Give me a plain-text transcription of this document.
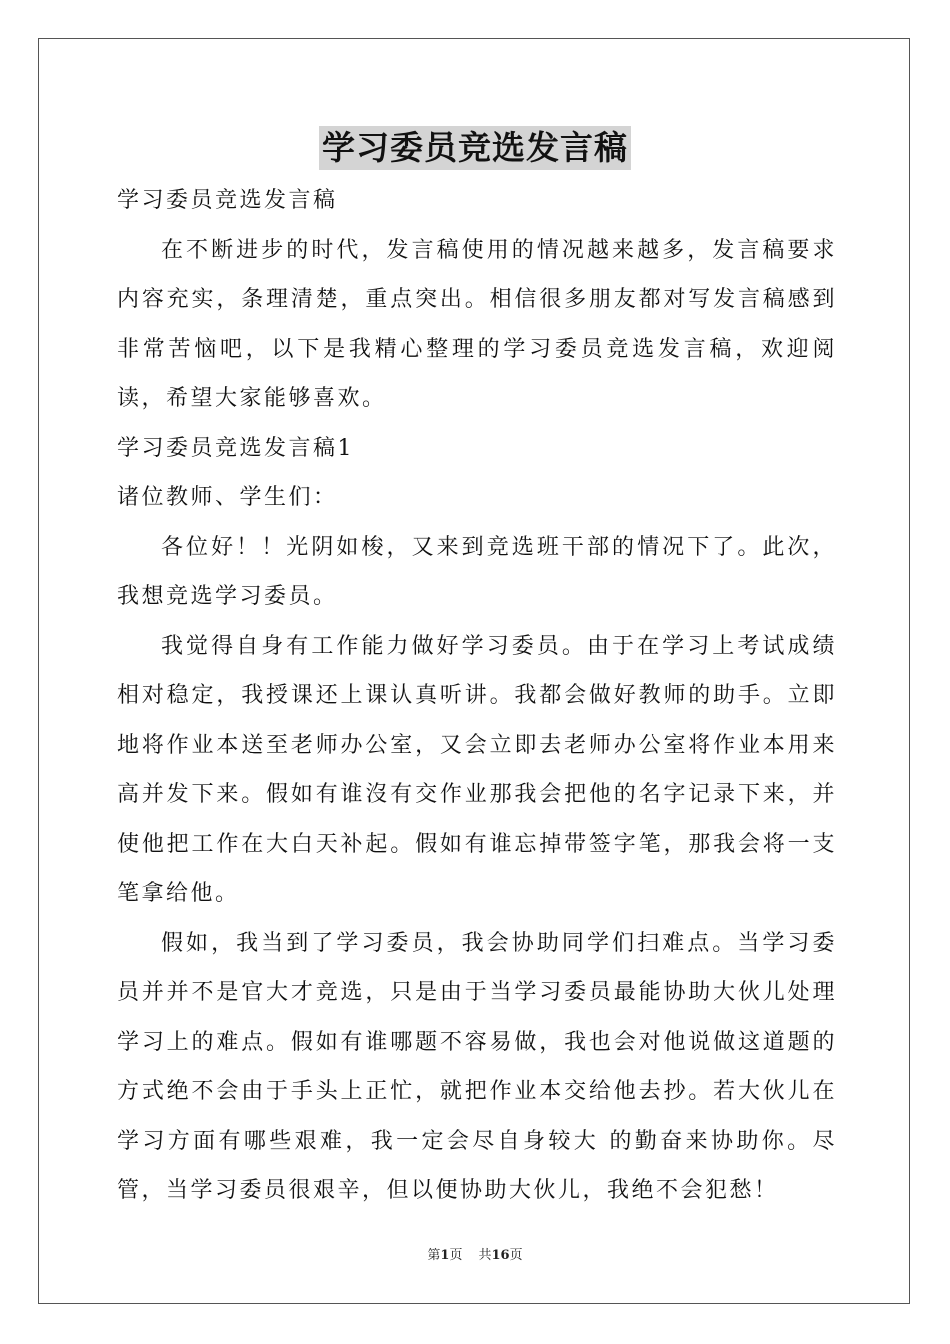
学习委员竞选发言稿
学习委员竞选发言稿

在不断进步的时代，发言稿使用的情况越来越多，发言稿要求内容充实，条理清楚，重点突出。相信很多朋友都对写发言稿感到非常苦恼吧，以下是我精心整理的学习委员竞选发言稿，欢迎阅读，希望大家能够喜欢。

学习委员竞选发言稿1
诸位教师、学生们：

各位好！！光阴如梭，又来到竞选班干部的情况下了。此次，我想竞选学习委员。

我觉得自身有工作能力做好学习委员。由于在学习上考试成绩相对稳定，我授课还上课认真听讲。我都会做好教师的助手。立即地将作业本送至老师办公室，又会立即去老师办公室将作业本用来高并发下来。假如有谁沒有交作业那我会把他的名字记录下来，并使他把工作在大白天补起。假如有谁忘掉带签字笔，那我会将一支笔拿给他。

假如，我当到了学习委员，我会协助同学们扫难点。当学习委员并并不是官大才竞选，只是由于当学习委员最能协助大伙儿处理学习上的难点。假如有谁哪题不容易做，我也会对他说做这道题的方式绝不会由于手头上正忙，就把作业本交给他去抄。若大伙儿在学习方面有哪些艰难，我一定会尽自身较大 的勤奋来协助你。尽管，当学习委员很艰辛，但以便协助大伙儿，我绝不会犯愁！

第1页 共16页
